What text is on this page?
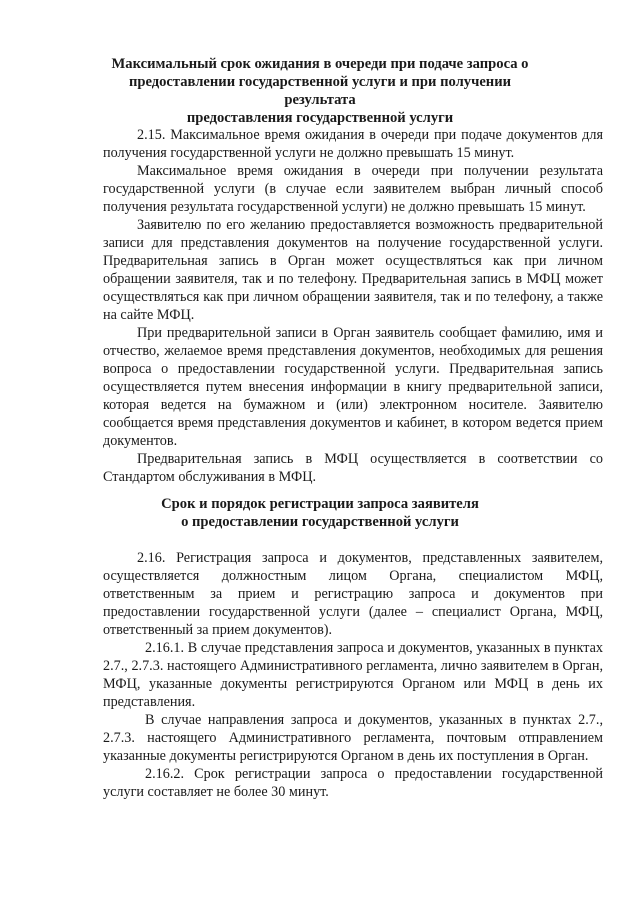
Максимальный срок ожидания в очереди при подаче запроса о
предоставлении государственной услуги и при получении результата
предоставления государственной услуги

2.15. Максимальное время ожидания в очереди при подаче документов для получения государственной услуги не должно превышать 15 минут.

Максимальное время ожидания в очереди при получении результата государственной услуги (в случае если заявителем выбран личный способ получения результата государственной услуги) не должно превышать 15 минут.

Заявителю по его желанию предоставляется возможность предварительной записи для представления документов на получение государственной услуги. Предварительная запись в Орган может осуществляться как при личном обращении заявителя, так и по телефону. Предварительная запись в МФЦ может осуществляться как при личном обращении заявителя, так и по телефону, а также на сайте МФЦ.

При предварительной записи в Орган заявитель сообщает фамилию, имя и отчество, желаемое время представления документов, необходимых для решения вопроса о предоставлении государственной услуги. Предварительная запись осуществляется путем внесения информации в книгу предварительной записи, которая ведется на бумажном и (или) электронном носителе. Заявителю сообщается время представления документов и кабинет, в котором ведется прием документов.

Предварительная запись в МФЦ осуществляется в соответствии со Стандартом обслуживания в МФЦ.

Срок и порядок регистрации запроса заявителя
о предоставлении государственной услуги

2.16. Регистрация запроса и документов, представленных заявителем, осуществляется должностным лицом Органа, специалистом МФЦ, ответственным за прием и регистрацию запроса и документов при предоставлении государственной услуги (далее – специалист Органа, МФЦ, ответственный за прием документов).

2.16.1. В случае представления запроса и документов, указанных в пунктах 2.7., 2.7.3. настоящего Административного регламента, лично заявителем в Орган, МФЦ, указанные документы регистрируются Органом или МФЦ в день их представления.

В случае направления запроса и документов, указанных в пунктах 2.7., 2.7.3. настоящего Административного регламента, почтовым отправлением указанные документы регистрируются Органом в день их поступления в Орган.

2.16.2. Срок регистрации запроса о предоставлении государственной услуги составляет не более 30 минут.
